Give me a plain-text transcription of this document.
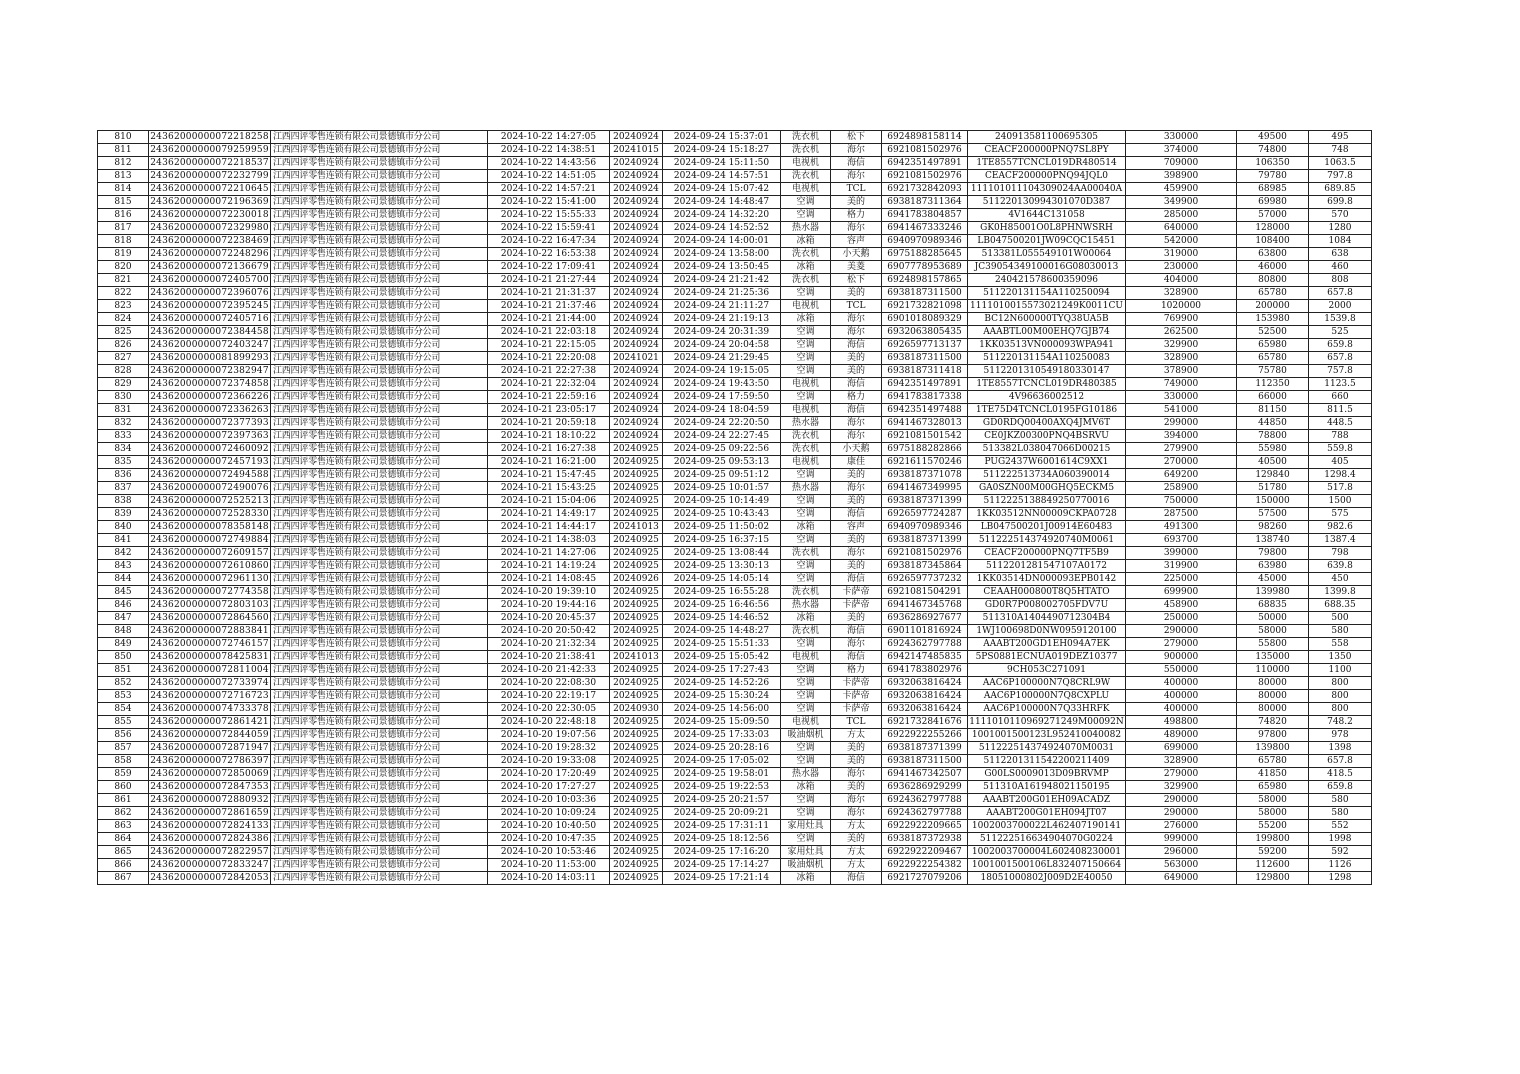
810	24362000000072218258	江西四评零售连锁有限公司景德镇市分公司	2024-10-22 14:27:05	20240924	2024-09-24 15:37:01	洗衣机	松下	6924898158114	240913581100695305	330000	49500	495
811	24362000000079259959	江西四评零售连锁有限公司景德镇市分公司	2024-10-22 14:38:51	20241015	2024-09-24 15:18:27	洗衣机	海尔	6921081502976	CEACF200000PNQ7SL8PY	374000	74800	748
812	24362000000072218537	江西四评零售连锁有限公司景德镇市分公司	2024-10-22 14:43:56	20240924	2024-09-24 15:11:50	电视机	海信	6942351497891	1TE8557TCNCL019DR480514	709000	106350	1063.5
813	24362000000072232799	江西四评零售连锁有限公司景德镇市分公司	2024-10-22 14:51:05	20240924	2024-09-24 14:57:51	洗衣机	海尔	6921081502976	CEACF200000PNQ94JQL0	398900	79780	797.8
814	24362000000072210645	江西四评零售连锁有限公司景德镇市分公司	2024-10-22 14:57:21	20240924	2024-09-24 15:07:42	电视机	TCL	6921732842093	111101011104309024AA00040A	459900	68985	689.85
815	24362000000072196369	江西四评零售连锁有限公司景德镇市分公司	2024-10-22 15:41:00	20240924	2024-09-24 14:48:47	空调	美的	6938187311364	511220130994301070D387	349900	69980	699.8
816	24362000000072230018	江西四评零售连锁有限公司景德镇市分公司	2024-10-22 15:55:33	20240924	2024-09-24 14:32:20	空调	格力	6941783804857	4V1644C131058	285000	57000	570
817	24362000000072329980	江西四评零售连锁有限公司景德镇市分公司	2024-10-22 15:59:41	20240924	2024-09-24 14:52:52	热水器	海尔	6941467333246	GK0H85001O0L8PHNWSRH	640000	128000	1280
818	24362000000072238469	江西四评零售连锁有限公司景德镇市分公司	2024-10-22 16:47:34	20240924	2024-09-24 14:00:01	冰箱	容声	6940970989346	LB047500201JW09CQC15451	542000	108400	1084
819	24362000000072248296	江西四评零售连锁有限公司景德镇市分公司	2024-10-22 16:53:38	20240924	2024-09-24 13:58:00	洗衣机	小天鹅	6975188285645	513381L055549101W00064	319000	63800	638
820	24362000000072136679	江西四评零售连锁有限公司景德镇市分公司	2024-10-22 17:09:41	20240924	2024-09-24 13:50:45	冰箱	美菱	6907778953689	JC39054349100016G08030013	230000	46000	460
821	24362000000072405700	江西四评零售连锁有限公司景德镇市分公司	2024-10-21 21:27:44	20240924	2024-09-24 21:21:42	洗衣机	松下	6924898157865	240421578600359096	404000	80800	808
822	24362000000072396076	江西四评零售连锁有限公司景德镇市分公司	2024-10-21 21:31:37	20240924	2024-09-24 21:25:36	空调	美的	6938187311500	511220131154A110250094	328900	65780	657.8
823	24362000000072395245	江西四评零售连锁有限公司景德镇市分公司	2024-10-21 21:37:46	20240924	2024-09-24 21:11:27	电视机	TCL	6921732821098	1111010015573021249K0011CU	1020000	200000	2000
824	24362000000072405716	江西四评零售连锁有限公司景德镇市分公司	2024-10-21 21:44:00	20240924	2024-09-24 21:19:13	冰箱	海尔	6901018089329	BC12N600000TYQ38UA5B	769900	153980	1539.8
825	24362000000072384458	江西四评零售连锁有限公司景德镇市分公司	2024-10-21 22:03:18	20240924	2024-09-24 20:31:39	空调	海尔	6932063805435	AAABTL00M00EHQ7GJB74	262500	52500	525
826	24362000000072403247	江西四评零售连锁有限公司景德镇市分公司	2024-10-21 22:15:05	20240924	2024-09-24 20:04:58	空调	海信	6926597713137	1KK03513VN000093WPA941	329900	65980	659.8
827	24362000000081899293	江西四评零售连锁有限公司景德镇市分公司	2024-10-21 22:20:08	20241021	2024-09-24 21:29:45	空调	美的	6938187311500	511220131154A110250083	328900	65780	657.8
828	24362000000072382947	江西四评零售连锁有限公司景德镇市分公司	2024-10-21 22:27:38	20240924	2024-09-24 19:15:05	空调	美的	6938187311418	5112201310549180330147	378900	75780	757.8
829	24362000000072374858	江西四评零售连锁有限公司景德镇市分公司	2024-10-21 22:32:04	20240924	2024-09-24 19:43:50	电视机	海信	6942351497891	1TE8557TCNCL019DR480385	749000	112350	1123.5
830	24362000000072366226	江西四评零售连锁有限公司景德镇市分公司	2024-10-21 22:59:16	20240924	2024-09-24 17:59:50	空调	格力	6941783817338	4V96636002512	330000	66000	660
831	24362000000072336263	江西四评零售连锁有限公司景德镇市分公司	2024-10-21 23:05:17	20240924	2024-09-24 18:04:59	电视机	海信	6942351497488	1TE75D4TCNCL0195FG10186	541000	81150	811.5
832	24362000000072377393	江西四评零售连锁有限公司景德镇市分公司	2024-10-21 20:59:18	20240924	2024-09-24 22:20:50	热水器	海尔	6941467328013	GD0RDQ00400AXQ4JMV6T	299000	44850	448.5
833	24362000000072397363	江西四评零售连锁有限公司景德镇市分公司	2024-10-21 18:10:22	20240924	2024-09-24 22:27:45	洗衣机	海尔	6921081501542	CE0JKZ00300PNQ4BSRVU	394000	78800	788
834	24362000000072460092	江西四评零售连锁有限公司景德镇市分公司	2024-10-21 16:27:38	20240925	2024-09-25 09:22:56	洗衣机	小天鹅	6975188282866	513382L038047066D00215	279900	55980	559.8
835	24362000000072457193	江西四评零售连锁有限公司景德镇市分公司	2024-10-21 16:21:00	20240925	2024-09-25 09:53:13	电视机	康佳	6921611570246	PUG2437W6001614C9XX1	270000	40500	405
836	24362000000072494588	江西四评零售连锁有限公司景德镇市分公司	2024-10-21 15:47:45	20240925	2024-09-25 09:51:12	空调	美的	6938187371078	511222513734A060390014	649200	129840	1298.4
837	24362000000072490076	江西四评零售连锁有限公司景德镇市分公司	2024-10-21 15:43:25	20240925	2024-09-25 10:01:57	热水器	海尔	6941467349995	GA0SZN00M00GHQ5ECKM5	258900	51780	517.8
838	24362000000072525213	江西四评零售连锁有限公司景德镇市分公司	2024-10-21 15:04:06	20240925	2024-09-25 10:14:49	空调	美的	6938187371399	5112225138849250770016	750000	150000	1500
839	24362000000072528330	江西四评零售连锁有限公司景德镇市分公司	2024-10-21 14:49:17	20240925	2024-09-25 10:43:43	空调	海信	6926597724287	1KK03512NN00009CKPA0728	287500	57500	575
840	24362000000078358148	江西四评零售连锁有限公司景德镇市分公司	2024-10-21 14:44:17	20241013	2024-09-25 11:50:02	冰箱	容声	6940970989346	LB047500201J00914E60483	491300	98260	982.6
841	24362000000072749884	江西四评零售连锁有限公司景德镇市分公司	2024-10-21 14:38:03	20240925	2024-09-25 16:37:15	空调	美的	6938187371399	511222514374920740M0061	693700	138740	1387.4
842	24362000000072609157	江西四评零售连锁有限公司景德镇市分公司	2024-10-21 14:27:06	20240925	2024-09-25 13:08:44	洗衣机	海尔	6921081502976	CEACF200000PNQ7TF5B9	399000	79800	798
843	24362000000072610860	江西四评零售连锁有限公司景德镇市分公司	2024-10-21 14:19:24	20240925	2024-09-25 13:30:13	空调	美的	6938187345864	5112201281547107A0172	319900	63980	639.8
844	24362000000072961130	江西四评零售连锁有限公司景德镇市分公司	2024-10-21 14:08:45	20240926	2024-09-25 14:05:14	空调	海信	6926597737232	1KK03514DN000093EPB0142	225000	45000	450
845	24362000000072774358	江西四评零售连锁有限公司景德镇市分公司	2024-10-20 19:39:10	20240925	2024-09-25 16:55:28	洗衣机	卡萨帝	6921081504291	CEAAH000800T8Q5HTATO	699900	139980	1399.8
846	24362000000072803103	江西四评零售连锁有限公司景德镇市分公司	2024-10-20 19:44:16	20240925	2024-09-25 16:46:56	热水器	卡萨帝	6941467345768	GD0R7P008002705FDV7U	458900	68835	688.35
847	24362000000072864560	江西四评零售连锁有限公司景德镇市分公司	2024-10-20 20:45:37	20240925	2024-09-25 14:46:52	冰箱	美的	6936286927677	511310A1404490712304B4	250000	50000	500
848	24362000000072883841	江西四评零售连锁有限公司景德镇市分公司	2024-10-20 20:50:42	20240925	2024-09-25 14:48:27	洗衣机	海信	6901101816924	1WJ100698D0NW0959120100	290000	58000	580
849	24362000000072746157	江西四评零售连锁有限公司景德镇市分公司	2024-10-20 21:32:34	20240925	2024-09-25 15:51:33	空调	海尔	6924362797788	AAABT200GD1EH094A7EK	279000	55800	558
850	24362000000078425831	江西四评零售连锁有限公司景德镇市分公司	2024-10-20 21:38:41	20241013	2024-09-25 15:05:42	电视机	海信	6942147485835	5PS0881ECNUA019DEZ10377	900000	135000	1350
851	24362000000072811004	江西四评零售连锁有限公司景德镇市分公司	2024-10-20 21:42:33	20240925	2024-09-25 17:27:43	空调	格力	6941783802976	9CH053C271091	550000	110000	1100
852	24362000000072733974	江西四评零售连锁有限公司景德镇市分公司	2024-10-20 22:08:30	20240925	2024-09-25 14:52:26	空调	卡萨帝	6932063816424	AAC6P100000N7Q8CRL9W	400000	80000	800
853	24362000000072716723	江西四评零售连锁有限公司景德镇市分公司	2024-10-20 22:19:17	20240925	2024-09-25 15:30:24	空调	卡萨帝	6932063816424	AAC6P100000N7Q8CXPLU	400000	80000	800
854	24362000000074733378	江西四评零售连锁有限公司景德镇市分公司	2024-10-20 22:30:05	20240930	2024-09-25 14:56:00	空调	卡萨帝	6932063816424	AAC6P100000N7Q33HRFK	400000	80000	800
855	24362000000072861421	江西四评零售连锁有限公司景德镇市分公司	2024-10-20 22:48:18	20240925	2024-09-25 15:09:50	电视机	TCL	6921732841676	1111010110969271249M00092N	498800	74820	748.2
856	24362000000072844059	江西四评零售连锁有限公司景德镇市分公司	2024-10-20 19:07:56	20240925	2024-09-25 17:33:03	吸油烟机	方太	6922922255266	1001001500123L952410040082	489000	97800	978
857	24362000000072871947	江西四评零售连锁有限公司景德镇市分公司	2024-10-20 19:28:32	20240925	2024-09-25 20:28:16	空调	美的	6938187371399	511222514374924070M0031	699000	139800	1398
858	24362000000072786397	江西四评零售连锁有限公司景德镇市分公司	2024-10-20 19:33:08	20240925	2024-09-25 17:05:02	空调	美的	6938187311500	5112201311542200211409	328900	65780	657.8
859	24362000000072850069	江西四评零售连锁有限公司景德镇市分公司	2024-10-20 17:20:49	20240925	2024-09-25 19:58:01	热水器	海尔	6941467342507	G00LS0009013D09BRVMP	279000	41850	418.5
860	24362000000072847353	江西四评零售连锁有限公司景德镇市分公司	2024-10-20 17:27:27	20240925	2024-09-25 19:22:53	冰箱	美的	6936286929299	511310A161948021150195	329900	65980	659.8
861	24362000000072880932	江西四评零售连锁有限公司景德镇市分公司	2024-10-20 10:03:36	20240925	2024-09-25 20:21:57	空调	海尔	6924362797788	AAABT200G01EH09ACADZ	290000	58000	580
862	24362000000072861659	江西四评零售连锁有限公司景德镇市分公司	2024-10-20 10:09:24	20240925	2024-09-25 20:09:21	空调	海尔	6924362797788	AAABT200G01EH094JT07	290000	58000	580
863	24362000000072824133	江西四评零售连锁有限公司景德镇市分公司	2024-10-20 10:40:50	20240925	2024-09-25 17:31:11	家用灶具	方太	6922922209665	1002003700022L462407190141	276000	55200	552
864	24362000000072824386	江西四评零售连锁有限公司景德镇市分公司	2024-10-20 10:47:35	20240925	2024-09-25 18:12:56	空调	美的	6938187372938	511222516634904070G0224	999000	199800	1998
865	24362000000072822957	江西四评零售连锁有限公司景德镇市分公司	2024-10-20 10:53:46	20240925	2024-09-25 17:16:20	家用灶具	方太	6922922209467	1002003700004L602408230001	296000	59200	592
866	24362000000072833247	江西四评零售连锁有限公司景德镇市分公司	2024-10-20 11:53:00	20240925	2024-09-25 17:14:27	吸油烟机	方太	6922922254382	1001001500106L832407150664	563000	112600	1126
867	24362000000072842053	江西四评零售连锁有限公司景德镇市分公司	2024-10-20 14:03:11	20240925	2024-09-25 17:21:14	冰箱	海信	6921727079206	18051000802J009D2E40050	649000	129800	1298
